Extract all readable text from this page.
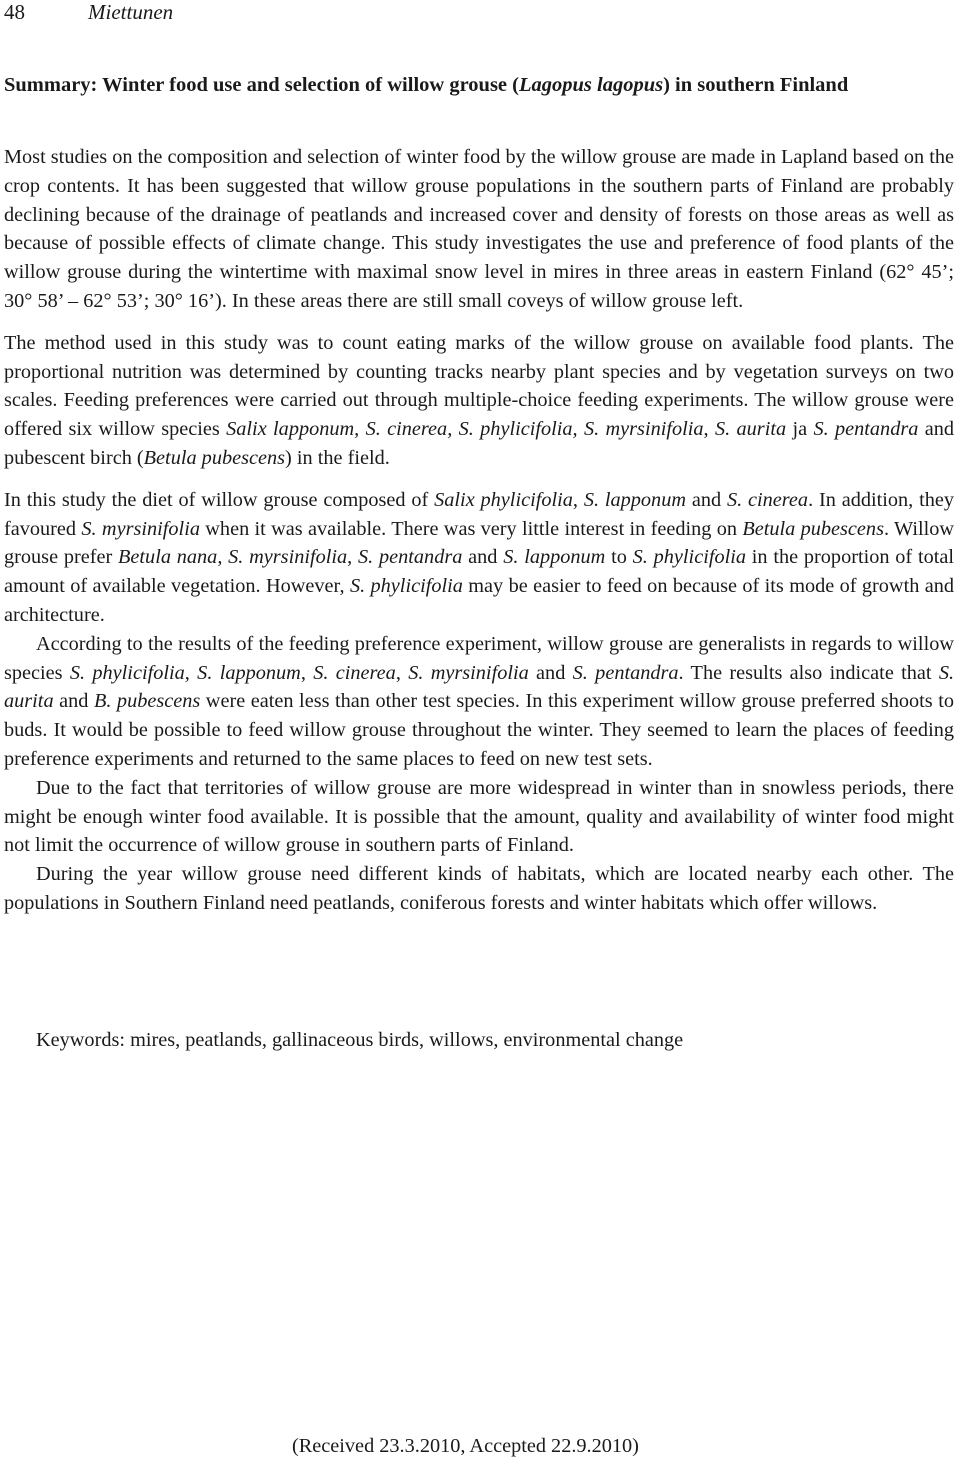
48	Miettunen
Summary: Winter food use and selection of willow grouse (Lagopus lagopus) in southern Finland

Most studies on the composition and selection of winter food by the willow grouse are made in Lapland based on the crop contents. It has been suggested that willow grouse populations in the southern parts of Finland are probably declining because of the drainage of peatlands and increased cover and density of forests on those areas as well as because of possible effects of climate change. This study investigates the use and preference of food plants of the willow grouse during the wintertime with maximal snow level in mires in three areas in eastern Finland (62° 45’; 30° 58’ – 62° 53’; 30° 16’). In these areas there are still small coveys of willow grouse left.

The method used in this study was to count eating marks of the willow grouse on available food plants. The proportional nutrition was determined by counting tracks nearby plant species and by vegetation surveys on two scales. Feeding preferences were carried out through multiple-choice feeding experiments. The willow grouse were offered six willow species Salix lapponum, S. cinerea, S. phylicifolia, S. myrsinifolia, S. aurita ja S. pentandra and pubescent birch (Betula pubescens) in the field.

In this study the diet of willow grouse composed of Salix phylicifolia, S. lapponum and S. cinerea. In addition, they favoured S. myrsinifolia when it was available. There was very little interest in feeding on Betula pubescens. Willow grouse prefer Betula nana, S. myrsinifolia, S. pentandra and S. lapponum to S. phylicifolia in the proportion of total amount of available vegetation. However, S. phylicifolia may be easier to feed on because of its mode of growth and architecture.

According to the results of the feeding preference experiment, willow grouse are generalists in regards to willow species S. phylicifolia, S. lapponum, S. cinerea, S. myrsinifolia and S. pentandra. The results also indicate that S. aurita and B. pubescens were eaten less than other test species. In this experiment willow grouse preferred shoots to buds. It would be possible to feed willow grouse throughout the winter. They seemed to learn the places of feeding preference experiments and returned to the same places to feed on new test sets.

Due to the fact that territories of willow grouse are more widespread in winter than in snowless periods, there might be enough winter food available. It is possible that the amount, quality and availability of winter food might not limit the occurrence of willow grouse in southern parts of Finland.

During the year willow grouse need different kinds of habitats, which are located nearby each other. The populations in Southern Finland need peatlands, coniferous forests and winter habitats which offer willows.

Keywords: mires, peatlands, gallinaceous birds, willows, environmental change
(Received 23.3.2010, Accepted 22.9.2010)
